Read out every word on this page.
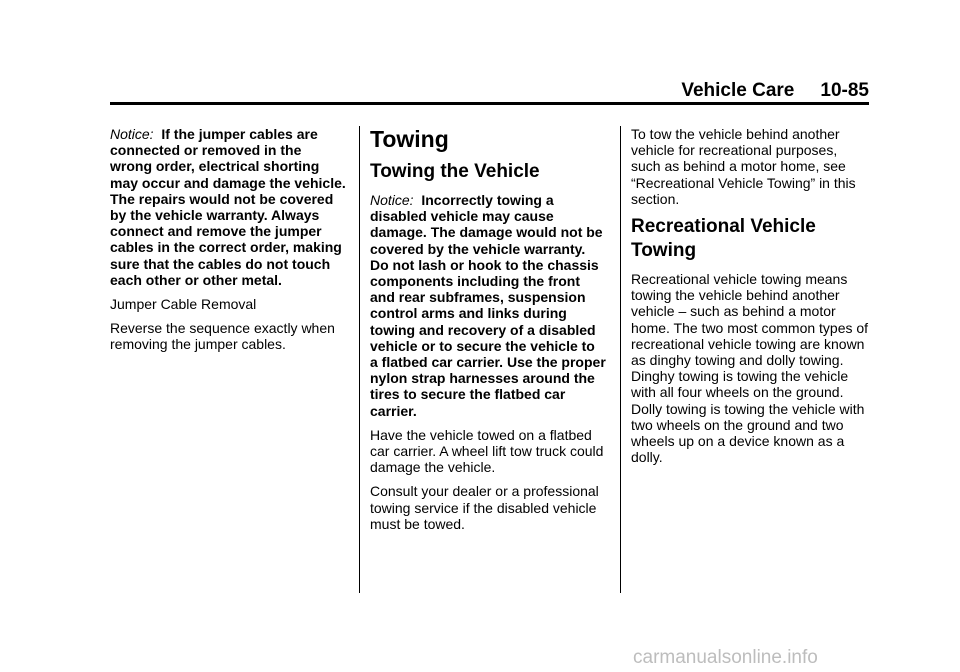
Vehicle Care 10-85

Notice: If the jumper cables are connected or removed in the wrong order, electrical shorting may occur and damage the vehicle. The repairs would not be covered by the vehicle warranty. Always connect and remove the jumper cables in the correct order, making sure that the cables do not touch each other or other metal.

Jumper Cable Removal

Reverse the sequence exactly when removing the jumper cables.

Towing
Towing the Vehicle

Notice: Incorrectly towing a disabled vehicle may cause damage. The damage would not be covered by the vehicle warranty. Do not lash or hook to the chassis components including the front and rear subframes, suspension control arms and links during towing and recovery of a disabled vehicle or to secure the vehicle to a flatbed car carrier. Use the proper nylon strap harnesses around the tires to secure the flatbed car carrier.

Have the vehicle towed on a flatbed car carrier. A wheel lift tow truck could damage the vehicle.

Consult your dealer or a professional towing service if the disabled vehicle must be towed.

To tow the vehicle behind another vehicle for recreational purposes, such as behind a motor home, see “Recreational Vehicle Towing” in this section.

Recreational Vehicle Towing

Recreational vehicle towing means towing the vehicle behind another vehicle – such as behind a motor home. The two most common types of recreational vehicle towing are known as dinghy towing and dolly towing. Dinghy towing is towing the vehicle with all four wheels on the ground. Dolly towing is towing the vehicle with two wheels on the ground and two wheels up on a device known as a dolly.

carmanualsonline.info
